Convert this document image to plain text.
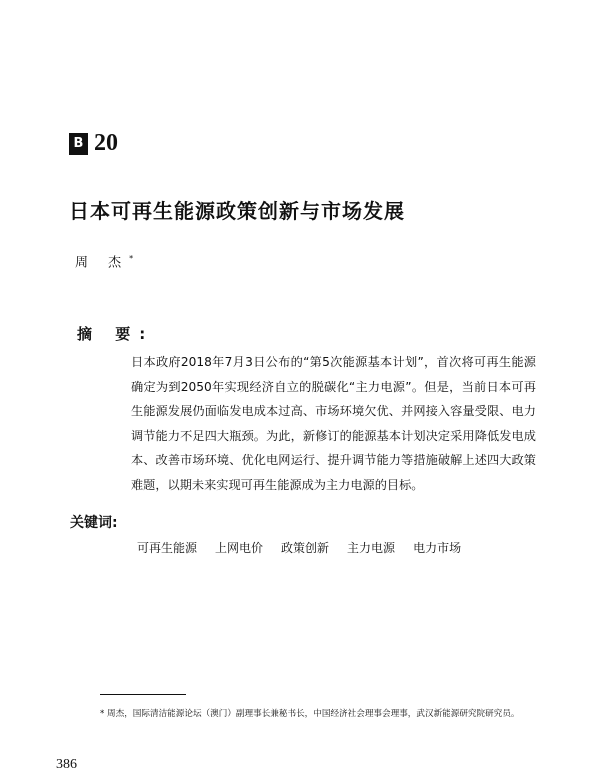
B 20
日本可再生能源政策创新与市场发展
周 杰*
摘 要:
日本政府2018年7月3日公布的“第5次能源基本计划”，首次将可再生能源确定为到2050年实现经济自立的脱碳化“主力电源”。但是，当前日本可再生能源发展仍面临发电成本过高、市场环境欠优、并网接入容量受限、电力调节能力不足四大瓶颈。为此，新修订的能源基本计划决定采用降低发电成本、改善市场环境、优化电网运行、提升调节能力等措施破解上述四大政策难题，以期未来实现可再生能源成为主力电源的目标。
关键词:
可再生能源 上网电价 政策创新 主力电源 电力市场
* 周杰，国际清洁能源论坛（澳门）副理事长兼秘书长，中国经济社会理事会理事，武汉新能源研究院研究员。
386
